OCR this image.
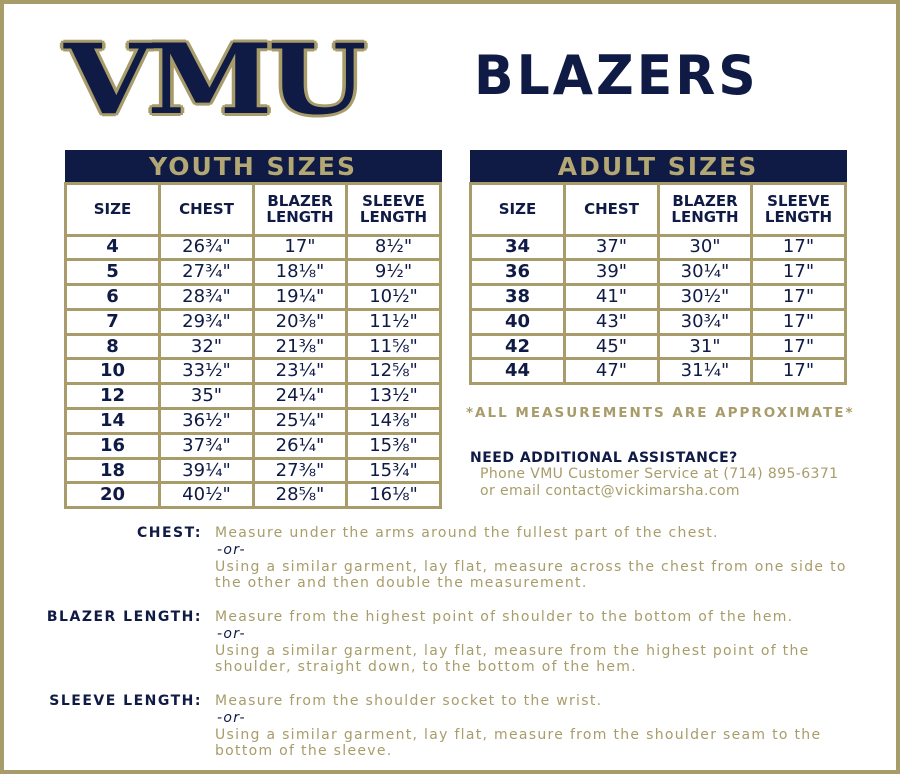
VMU BLAZERS
YOUTH SIZES			
SIZE	CHEST	BLAZER LENGTH	SLEEVE LENGTH
4	26¾"	17"	8½"
5	27¾"	18⅛"	9½"
6	28¾"	19¼"	10½"
7	29¾"	20⅜"	11½"
8	32"	21⅜"	11⅝"
10	33½"	23¼"	12⅝"
12	35"	24¼"	13½"
14	36½"	25¼"	14⅜"
16	37¾"	26¼"	15⅜"
18	39¼"	27⅜"	15¾"
20	40½"	28⅝"	16⅛"
ADULT SIZES			
SIZE	CHEST	BLAZER LENGTH	SLEEVE LENGTH
34	37"	30"	17"
36	39"	30¼"	17"
38	41"	30½"	17"
40	43"	30¾"	17"
42	45"	31"	17"
44	47"	31¼"	17"
*ALL MEASUREMENTS ARE APPROXIMATE*
NEED ADDITIONAL ASSISTANCE?
Phone VMU Customer Service at (714) 895-6371
or email contact@vickimarsha.com
CHEST: Measure under the arms around the fullest part of the chest.
-or-
Using a similar garment, lay flat, measure across the chest from one side to the other and then double the measurement.
BLAZER LENGTH: Measure from the highest point of shoulder to the bottom of the hem.
-or-
Using a similar garment, lay flat, measure from the highest point of the shoulder, straight down, to the bottom of the hem.
SLEEVE LENGTH: Measure from the shoulder socket to the wrist.
-or-
Using a similar garment, lay flat, measure from the shoulder seam to the bottom of the sleeve.
